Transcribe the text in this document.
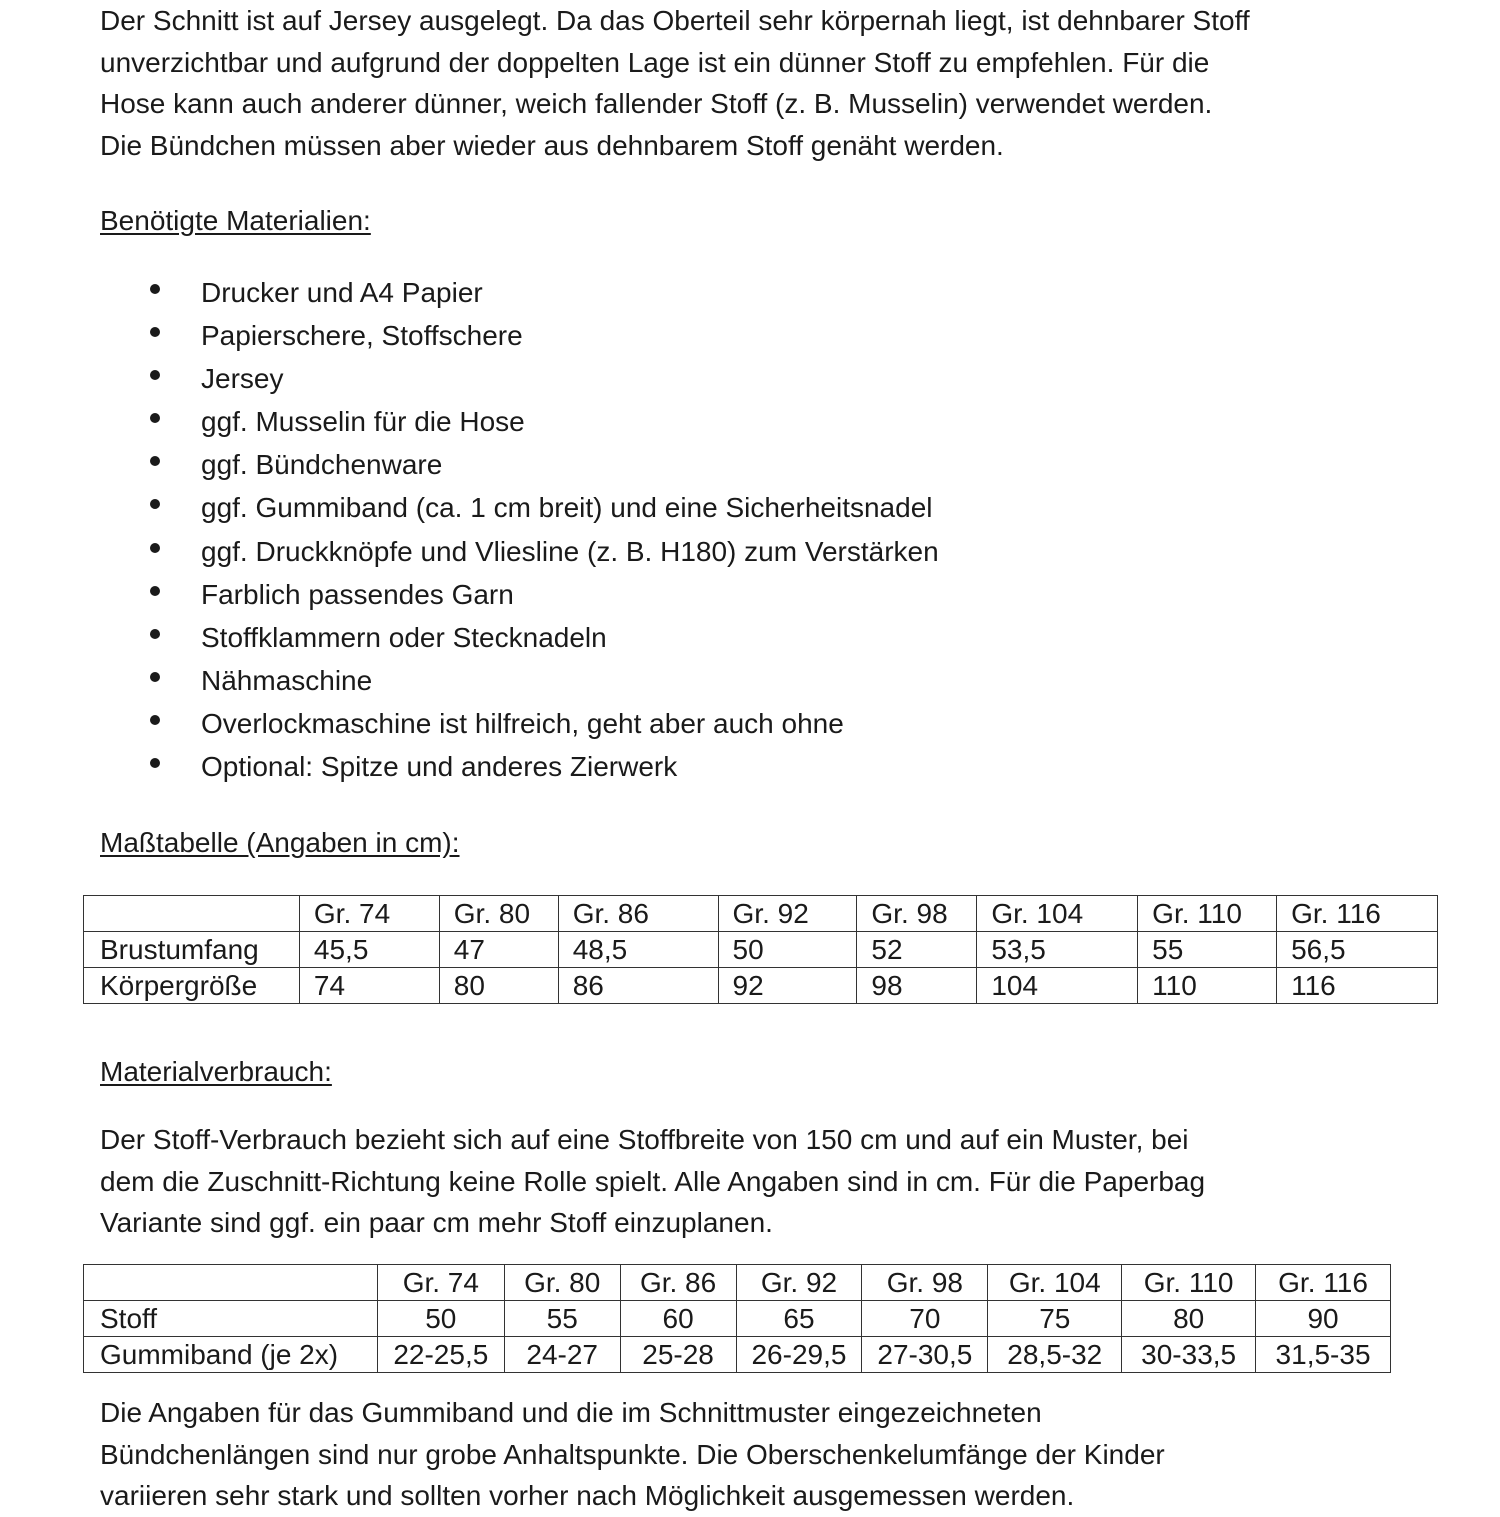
Der Schnitt ist auf Jersey ausgelegt. Da das Oberteil sehr körpernah liegt, ist dehnbarer Stoff
unverzichtbar und aufgrund der doppelten Lage ist ein dünner Stoff zu empfehlen. Für die
Hose kann auch anderer dünner, weich fallender Stoff (z. B. Musselin) verwendet werden.
Die Bündchen müssen aber wieder aus dehnbarem Stoff genäht werden.

Benötigte Materialien:
Drucker und A4 Papier
Papierschere, Stoffschere
Jersey
ggf. Musselin für die Hose
ggf. Bündchenware
ggf. Gummiband (ca. 1 cm breit) und eine Sicherheitsnadel
ggf. Druckknöpfe und Vliesline (z. B. H180) zum Verstärken
Farblich passendes Garn
Stoffklammern oder Stecknadeln
Nähmaschine
Overlockmaschine ist hilfreich, geht aber auch ohne
Optional: Spitze und anderes Zierwerk
Maßtabelle (Angaben in cm):
	Gr. 74	Gr. 80	Gr. 86	Gr. 92	Gr. 98	Gr. 104	Gr. 110	Gr. 116
Brustumfang	45,5	47	48,5	50	52	53,5	55	56,5
Körpergröße	74	80	86	92	98	104	110	116
Materialverbrauch:

Der Stoff-Verbrauch bezieht sich auf eine Stoffbreite von 150 cm und auf ein Muster, bei
dem die Zuschnitt-Richtung keine Rolle spielt. Alle Angaben sind in cm. Für die Paperbag
Variante sind ggf. ein paar cm mehr Stoff einzuplanen.

	Gr. 74	Gr. 80	Gr. 86	Gr. 92	Gr. 98	Gr. 104	Gr. 110	Gr. 116
Stoff	50	55	60	65	70	75	80	90
Gummiband (je 2x)	22-25,5	24-27	25-28	26-29,5	27-30,5	28,5-32	30-33,5	31,5-35

Die Angaben für das Gummiband und die im Schnittmuster eingezeichneten
Bündchenlängen sind nur grobe Anhaltspunkte. Die Oberschenkelumfänge der Kinder
variieren sehr stark und sollten vorher nach Möglichkeit ausgemessen werden.
